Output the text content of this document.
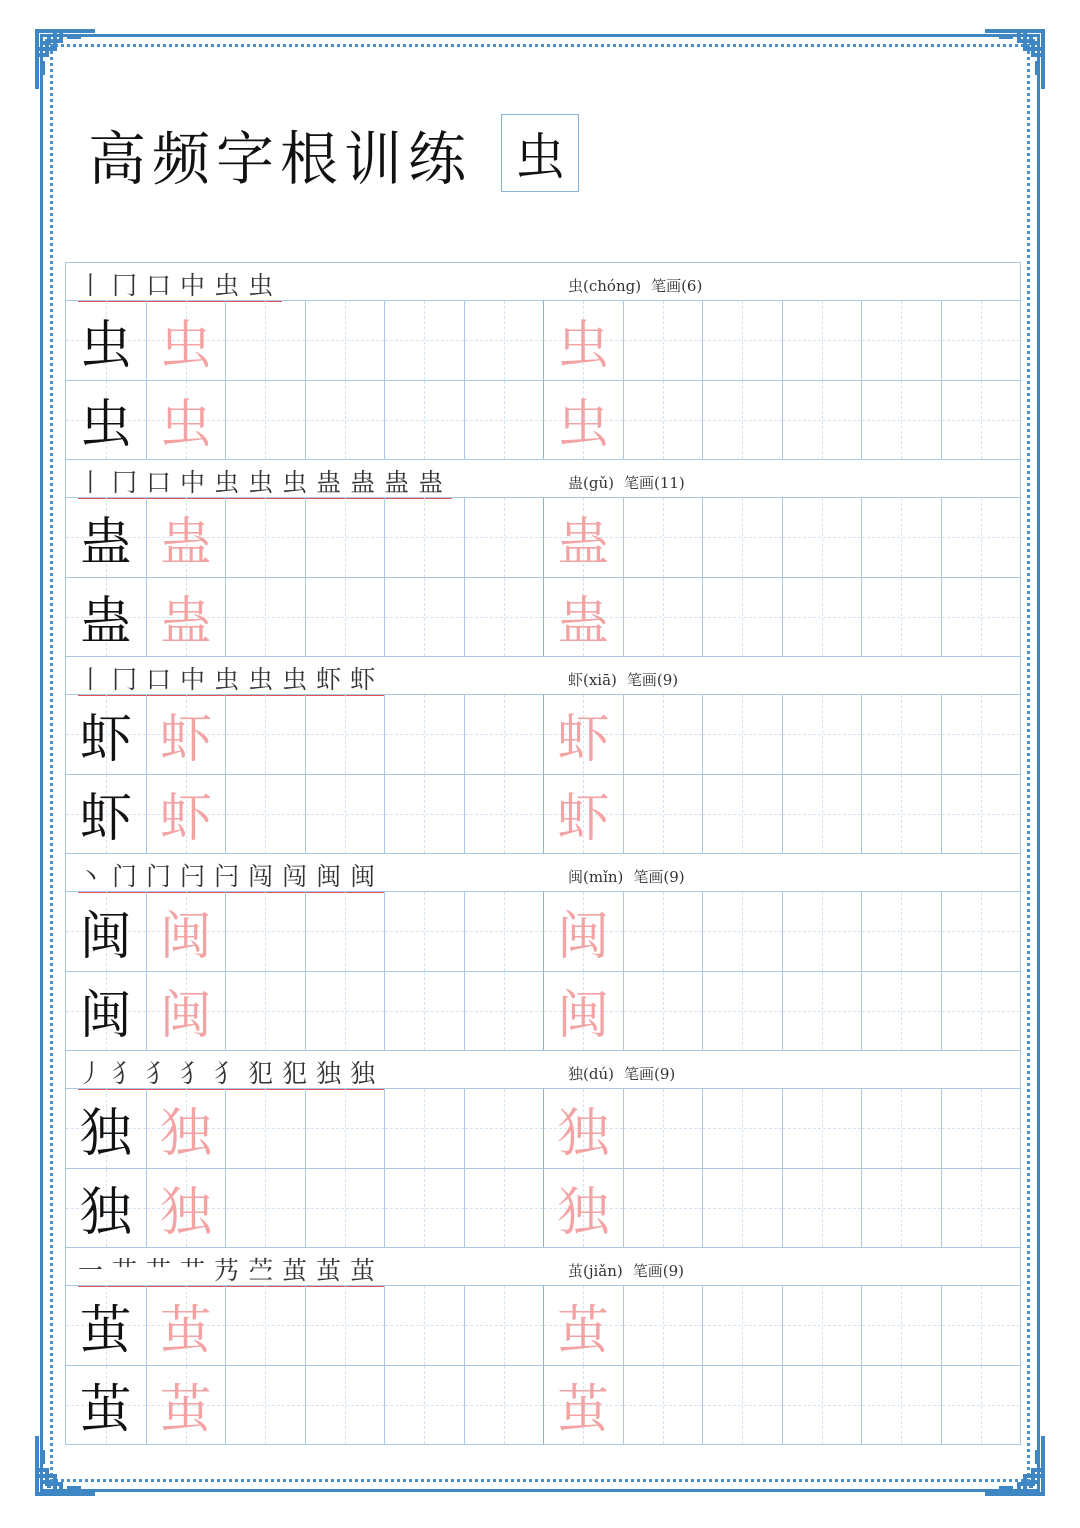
高频字根训练 虫
丨冂口中虫虫	虫(chóng) 笔画(6)
虫 虫	虫
虫 虫	虫
丨冂口中虫虫虫蛊蛊蛊蛊	蛊(gǔ) 笔画(11)
蛊 蛊	蛊
蛊 蛊	蛊
丨冂口中虫虫虫虾虾	虾(xiā) 笔画(9)
虾 虾	虾
虾 虾	虾
丶门门闩闩闯闯闽闽	闽(mǐn) 笔画(9)
闽 闽	闽
闽 闽	闽
丿犭犭犭犭犯犯独独	独(dú) 笔画(9)
独 独	独
独 独	独
一艹艹艹艿苎茧茧茧	茧(jiǎn) 笔画(9)
茧 茧	茧
茧 茧	茧
